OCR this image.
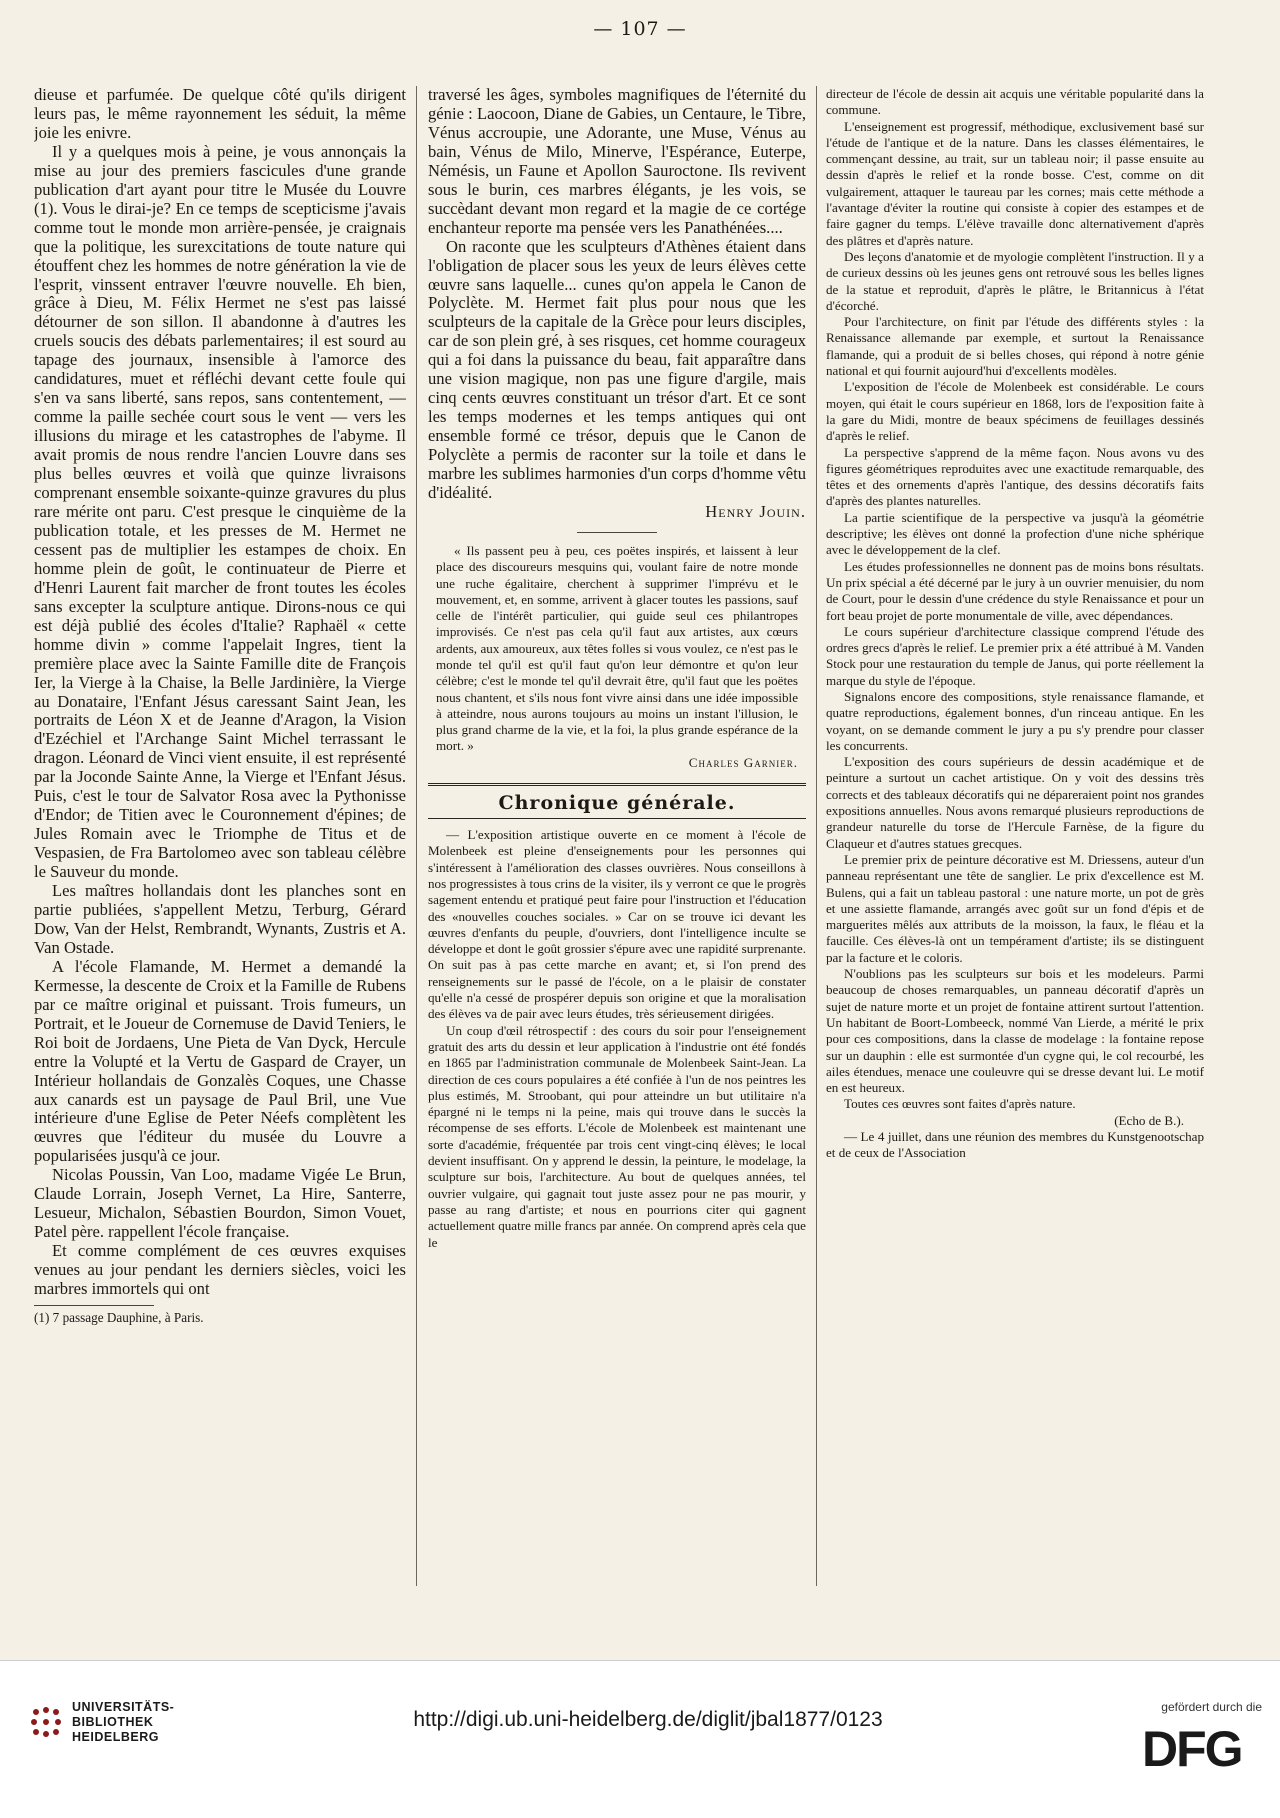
— 107 —

dieuse et parfumée. De quelque côté qu'ils dirigent leurs pas, le même rayonnement les séduit, la même joie les enivre.

Il y a quelques mois à peine, je vous annonçais la mise au jour des premiers fascicules d'une grande publication d'art ayant pour titre le Musée du Louvre (1). Vous le dirai-je? En ce temps de scepticisme j'avais comme tout le monde mon arrière-pensée, je craignais que la politique, les surexcitations de toute nature qui étouffent chez les hommes de notre génération la vie de l'esprit, vinssent entraver l'œuvre nouvelle. Eh bien, grâce à Dieu, M. Félix Hermet ne s'est pas laissé détourner de son sillon. Il abandonne à d'autres les cruels soucis des débats parlementaires; il est sourd au tapage des journaux, insensible à l'amorce des candidatures, muet et réfléchi devant cette foule qui s'en va sans liberté, sans repos, sans contentement, — comme la paille sechée court sous le vent — vers les illusions du mirage et les catastrophes de l'abyme. Il avait promis de nous rendre l'ancien Louvre dans ses plus belles œuvres et voilà que quinze livraisons comprenant ensemble soixante-quinze gravures du plus rare mérite ont paru. C'est presque le cinquième de la publication totale, et les presses de M. Hermet ne cessent pas de multiplier les estampes de choix. En homme plein de goût, le continuateur de Pierre et d'Henri Laurent fait marcher de front toutes les écoles sans excepter la sculpture antique. Dirons-nous ce qui est déjà publié des écoles d'Italie? Raphaël « cette homme divin » comme l'appelait Ingres, tient la première place avec la Sainte Famille dite de François Ier, la Vierge à la Chaise, la Belle Jardinière, la Vierge au Donataire, l'Enfant Jésus caressant Saint Jean, les portraits de Léon X et de Jeanne d'Aragon, la Vision d'Ezéchiel et l'Archange Saint Michel terrassant le dragon. Léonard de Vinci vient ensuite, il est représenté par la Joconde Sainte Anne, la Vierge et l'Enfant Jésus. Puis, c'est le tour de Salvator Rosa avec la Pythonisse d'Endor; de Titien avec le Couronnement d'épines; de Jules Romain avec le Triomphe de Titus et de Vespasien, de Fra Bartolomeo avec son tableau célèbre le Sauveur du monde.

Les maîtres hollandais dont les planches sont en partie publiées, s'appellent Metzu, Terburg, Gérard Dow, Van der Helst, Rembrandt, Wynants, Zustris et A. Van Ostade.

A l'école Flamande, M. Hermet a demandé la Kermesse, la descente de Croix et la Famille de Rubens par ce maître original et puissant. Trois fumeurs, un Portrait, et le Joueur de Cornemuse de David Teniers, le Roi boit de Jordaens, Une Pieta de Van Dyck, Hercule entre la Volupté et la Vertu de Gaspard de Crayer, un Intérieur hollandais de Gonzalès Coques, une Chasse aux canards est un paysage de Paul Bril, une Vue intérieure d'une Eglise de Peter Néefs complètent les œuvres que l'éditeur du musée du Louvre a popularisées jusqu'à ce jour.

Nicolas Poussin, Van Loo, madame Vigée Le Brun, Claude Lorrain, Joseph Vernet, La Hire, Santerre, Lesueur, Michalon, Sébastien Bourdon, Simon Vouet, Patel père. rappellent l'école française.

Et comme complément de ces œuvres exquises venues au jour pendant les derniers siècles, voici les marbres immortels qui ont

(1) 7 passage Dauphine, à Paris.

traversé les âges, symboles magnifiques de l'éternité du génie : Laocoon, Diane de Gabies, un Centaure, le Tibre, Vénus accroupie, une Adorante, une Muse, Vénus au bain, Vénus de Milo, Minerve, l'Espérance, Euterpe, Némésis, un Faune et Apollon Sauroctone. Ils revivent sous le burin, ces marbres élégants, je les vois, se succèdant devant mon regard et la magie de ce cortége enchanteur reporte ma pensée vers les Panathénées....

On raconte que les sculpteurs d'Athènes étaient dans l'obligation de placer sous les yeux de leurs élèves cette œuvre sans laquelle... cunes qu'on appela le Canon de Polyclète. M. Hermet fait plus pour nous que les sculpteurs de la capitale de la Grèce pour leurs disciples, car de son plein gré, à ses risques, cet homme courageux qui a foi dans la puissance du beau, fait apparaître dans une vision magique, non pas une figure d'argile, mais cinq cents œuvres constituant un trésor d'art. Et ce sont les temps modernes et les temps antiques qui ont ensemble formé ce trésor, depuis que le Canon de Polyclète a permis de raconter sur la toile et dans le marbre les sublimes harmonies d'un corps d'homme vêtu d'idéalité.

Henry Jouin.

« Ils passent peu à peu, ces poëtes inspirés, et laissent à leur place des discoureurs mesquins qui, voulant faire de notre monde une ruche égalitaire, cherchent à supprimer l'imprévu et le mouvement, et, en somme, arrivent à glacer toutes les passions, sauf celle de l'intérêt particulier, qui guide seul ces philantropes improvisés. Ce n'est pas cela qu'il faut aux artistes, aux cœurs ardents, aux amoureux, aux têtes folles si vous voulez, ce n'est pas le monde tel qu'il est qu'il faut qu'on leur démontre et qu'on leur célèbre; c'est le monde tel qu'il devrait être, qu'il faut que les poëtes nous chantent, et s'ils nous font vivre ainsi dans une idée impossible à atteindre, nous aurons toujours au moins un instant l'illusion, le plus grand charme de la vie, et la foi, la plus grande espérance de la mort. »

Charles Garnier.
Chronique générale.

— L'exposition artistique ouverte en ce moment à l'école de Molenbeek est pleine d'enseignements pour les personnes qui s'intéressent à l'amélioration des classes ouvrières. Nous conseillons à nos progressistes à tous crins de la visiter, ils y verront ce que le progrès sagement entendu et pratiqué peut faire pour l'instruction et l'éducation des «nouvelles couches sociales. » Car on se trouve ici devant les œuvres d'enfants du peuple, d'ouvriers, dont l'intelligence inculte se développe et dont le goût grossier s'épure avec une rapidité surprenante. On suit pas à pas cette marche en avant; et, si l'on prend des renseignements sur le passé de l'école, on a le plaisir de constater qu'elle n'a cessé de prospérer depuis son origine et que la moralisation des élèves va de pair avec leurs études, très sérieusement dirigées.

Un coup d'œil rétrospectif : des cours du soir pour l'enseignement gratuit des arts du dessin et leur application à l'industrie ont été fondés en 1865 par l'administration communale de Molenbeek Saint-Jean. La direction de ces cours populaires a été confiée à l'un de nos peintres les plus estimés, M. Stroobant, qui pour atteindre un but utilitaire n'a épargné ni le temps ni la peine, mais qui trouve dans le succès la récompense de ses efforts. L'école de Molenbeek est maintenant une sorte d'académie, fréquentée par trois cent vingt-cinq élèves; le local devient insuffisant. On y apprend le dessin, la peinture, le modelage, la sculpture sur bois, l'architecture. Au bout de quelques années, tel ouvrier vulgaire, qui gagnait tout juste assez pour ne pas mourir, y passe au rang d'artiste; et nous en pourrions citer qui gagnent actuellement quatre mille francs par année. On comprend après cela que le

directeur de l'école de dessin ait acquis une véritable popularité dans la commune.

L'enseignement est progressif, méthodique, exclusivement basé sur l'étude de l'antique et de la nature. Dans les classes élémentaires, le commençant dessine, au trait, sur un tableau noir; il passe ensuite au dessin d'après le relief et la ronde bosse. C'est, comme on dit vulgairement, attaquer le taureau par les cornes; mais cette méthode a l'avantage d'éviter la routine qui consiste à copier des estampes et de faire gagner du temps. L'élève travaille donc alternativement d'après des plâtres et d'après nature.

Des leçons d'anatomie et de myologie complètent l'instruction. Il y a de curieux dessins où les jeunes gens ont retrouvé sous les belles lignes de la statue et reproduit, d'après le plâtre, le Britannicus à l'état d'écorché.

Pour l'architecture, on finit par l'étude des différents styles : la Renaissance allemande par exemple, et surtout la Renaissance flamande, qui a produit de si belles choses, qui répond à notre génie national et qui fournit aujourd'hui d'excellents modèles.

L'exposition de l'école de Molenbeek est considérable. Le cours moyen, qui était le cours supérieur en 1868, lors de l'exposition faite à la gare du Midi, montre de beaux spécimens de feuillages dessinés d'après le relief.

La perspective s'apprend de la même façon. Nous avons vu des figures géométriques reproduites avec une exactitude remarquable, des têtes et des ornements d'après l'antique, des dessins décoratifs faits d'après des plantes naturelles.

La partie scientifique de la perspective va jusqu'à la géométrie descriptive; les élèves ont donné la profection d'une niche sphérique avec le développement de la clef.

Les études professionnelles ne donnent pas de moins bons résultats. Un prix spécial a été décerné par le jury à un ouvrier menuisier, du nom de Court, pour le dessin d'une crédence du style Renaissance et pour un fort beau projet de porte monumentale de ville, avec dépendances.

Le cours supérieur d'architecture classique comprend l'étude des ordres grecs d'après le relief. Le premier prix a été attribué à M. Vanden Stock pour une restauration du temple de Janus, qui porte réellement la marque du style de l'époque.

Signalons encore des compositions, style renaissance flamande, et quatre reproductions, également bonnes, d'un rinceau antique. En les voyant, on se demande comment le jury a pu s'y prendre pour classer les concurrents.

L'exposition des cours supérieurs de dessin académique et de peinture a surtout un cachet artistique. On y voit des dessins très corrects et des tableaux décoratifs qui ne dépareraient point nos grandes expositions annuelles. Nous avons remarqué plusieurs reproductions de grandeur naturelle du torse de l'Hercule Farnèse, de la figure du Claqueur et d'autres statues grecques.

Le premier prix de peinture décorative est M. Driessens, auteur d'un panneau représentant une tête de sanglier. Le prix d'excellence est M. Bulens, qui a fait un tableau pastoral : une nature morte, un pot de grès et une assiette flamande, arrangés avec goût sur un fond d'épis et de marguerites mêlés aux attributs de la moisson, la faux, le fléau et la faucille. Ces élèves-là ont un tempérament d'artiste; ils se distinguent par la facture et le coloris.

N'oublions pas les sculpteurs sur bois et les modeleurs. Parmi beaucoup de choses remarquables, un panneau décoratif d'après un sujet de nature morte et un projet de fontaine attirent surtout l'attention. Un habitant de Boort-Lombeeck, nommé Van Lierde, a mérité le prix pour ces compositions, dans la classe de modelage : la fontaine repose sur un dauphin : elle est surmontée d'un cygne qui, le col recourbé, les ailes étendues, menace une couleuvre qui se dresse devant lui. Le motif en est heureux.

Toutes ces œuvres sont faites d'après nature.

(Echo de B.).

— Le 4 juillet, dans une réunion des membres du Kunstgenootschap et de ceux de l'Association

UNIVERSITÄTS-
BIBLIOTHEK
HEIDELBERG
http://digi.ub.uni-heidelberg.de/diglit/jbal1877/0123
gefördert durch die
DFG
